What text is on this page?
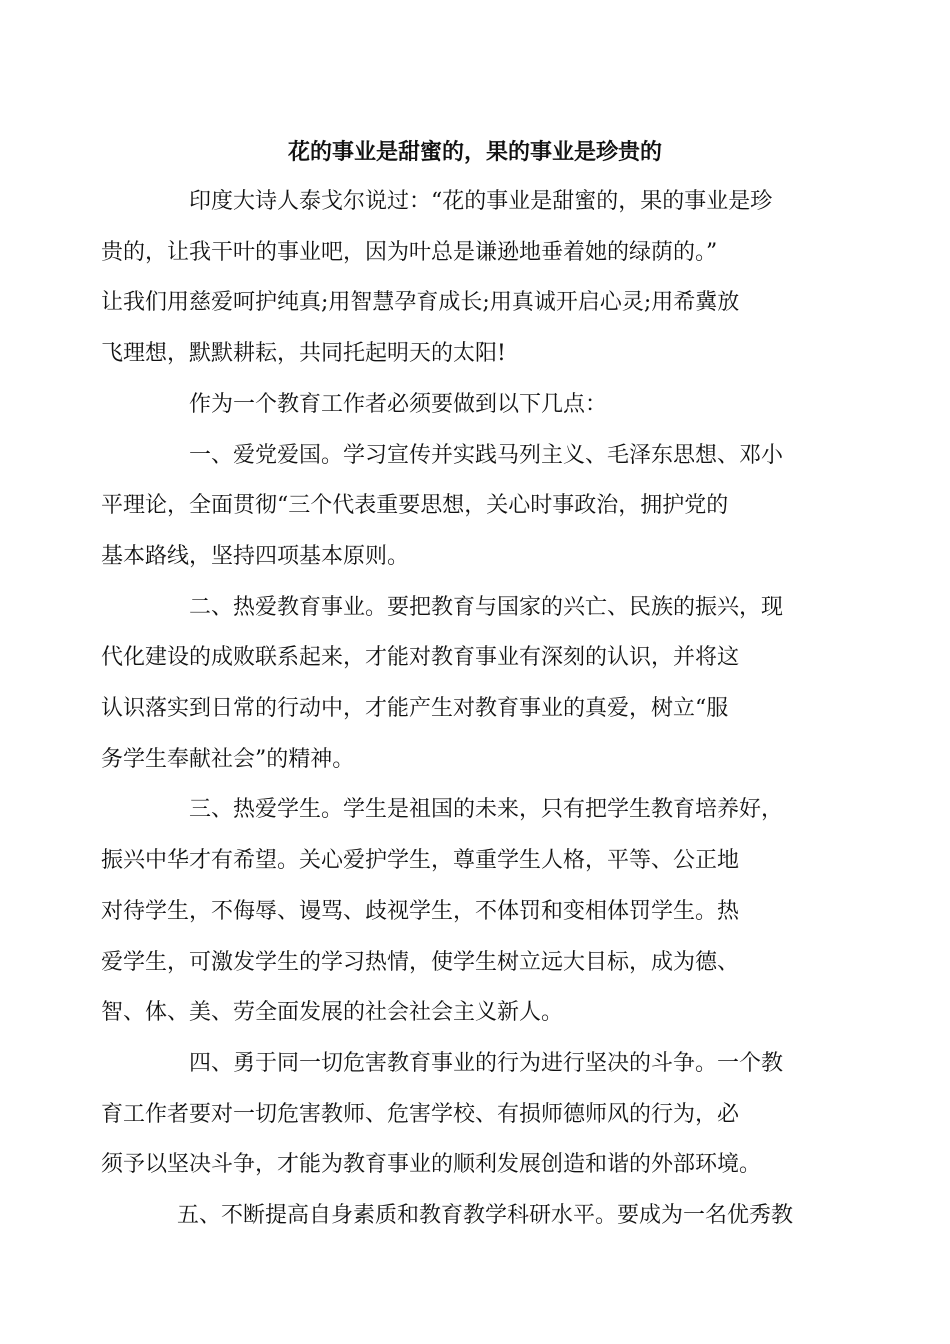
花的事业是甜蜜的，果的事业是珍贵的

印度大诗人泰戈尔说过：“花的事业是甜蜜的，果的事业是珍
贵的，让我干叶的事业吧，因为叶总是谦逊地垂着她的绿荫的。”
让我们用慈爱呵护纯真;用智慧孕育成长;用真诚开启心灵;用希冀放
飞理想，默默耕耘，共同托起明天的太阳!

作为一个教育工作者必须要做到以下几点：

一、爱党爱国。学习宣传并实践马列主义、毛泽东思想、邓小
平理论，全面贯彻“三个代表重要思想，关心时事政治，拥护党的
基本路线，坚持四项基本原则。

二、热爱教育事业。要把教育与国家的兴亡、民族的振兴，现
代化建设的成败联系起来，才能对教育事业有深刻的认识，并将这
认识落实到日常的行动中，才能产生对教育事业的真爱，树立“服
务学生奉献社会”的精神。

三、热爱学生。学生是祖国的未来，只有把学生教育培养好，
振兴中华才有希望。关心爱护学生，尊重学生人格，平等、公正地
对待学生，不侮辱、谩骂、歧视学生，不体罚和变相体罚学生。热
爱学生，可激发学生的学习热情，使学生树立远大目标，成为德、
智、体、美、劳全面发展的社会社会主义新人。

四、勇于同一切危害教育事业的行为进行坚决的斗争。一个教
育工作者要对一切危害教师、危害学校、有损师德师风的行为，必
须予以坚决斗争，才能为教育事业的顺利发展创造和谐的外部环境。

五、不断提高自身素质和教育教学科研水平。要成为一名优秀教
